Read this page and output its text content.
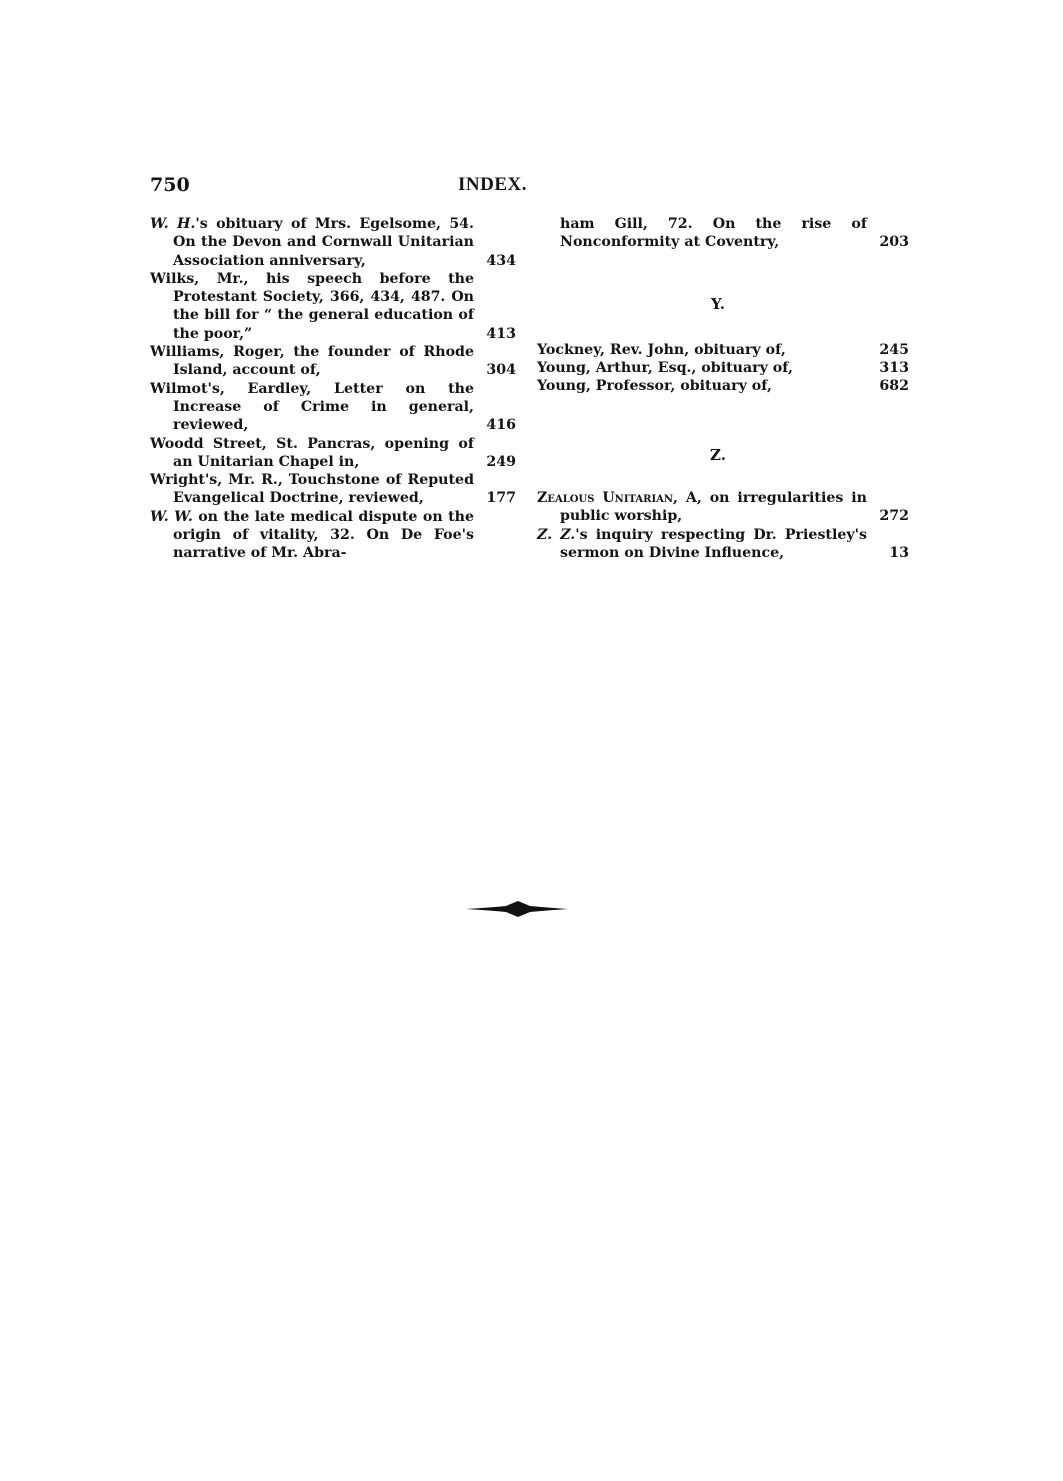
750	INDEX.
W. H.'s obituary of Mrs. Egelsome, 54. On the Devon and Cornwall Unitarian Association anniversary,	434
Wilks, Mr., his speech before the Protestant Society, 366, 434, 487. On the bill for “ the general education of the poor,”	413
Williams, Roger, the founder of Rhode Island, account of,	304
Wilmot's, Eardley, Letter on the Increase of Crime in general, reviewed,	416
Woodd Street, St. Pancras, opening of an Unitarian Chapel in,	249
Wright's, Mr. R., Touchstone of Reputed Evangelical Doctrine, reviewed,	177
W. W. on the late medical dispute on the origin of vitality, 32. On De Foe's narrative of Mr. Abra-
ham Gill, 72. On the rise of Nonconformity at Coventry,	203
Y.
Yockney, Rev. John, obituary of,	245
Young, Arthur, Esq., obituary of,	313
Young, Professor, obituary of,	682
Z.
Zealous Unitarian, A, on irregularities in public worship,	272
Z. Z.'s inquiry respecting Dr. Priestley's sermon on Divine Influence,	13
